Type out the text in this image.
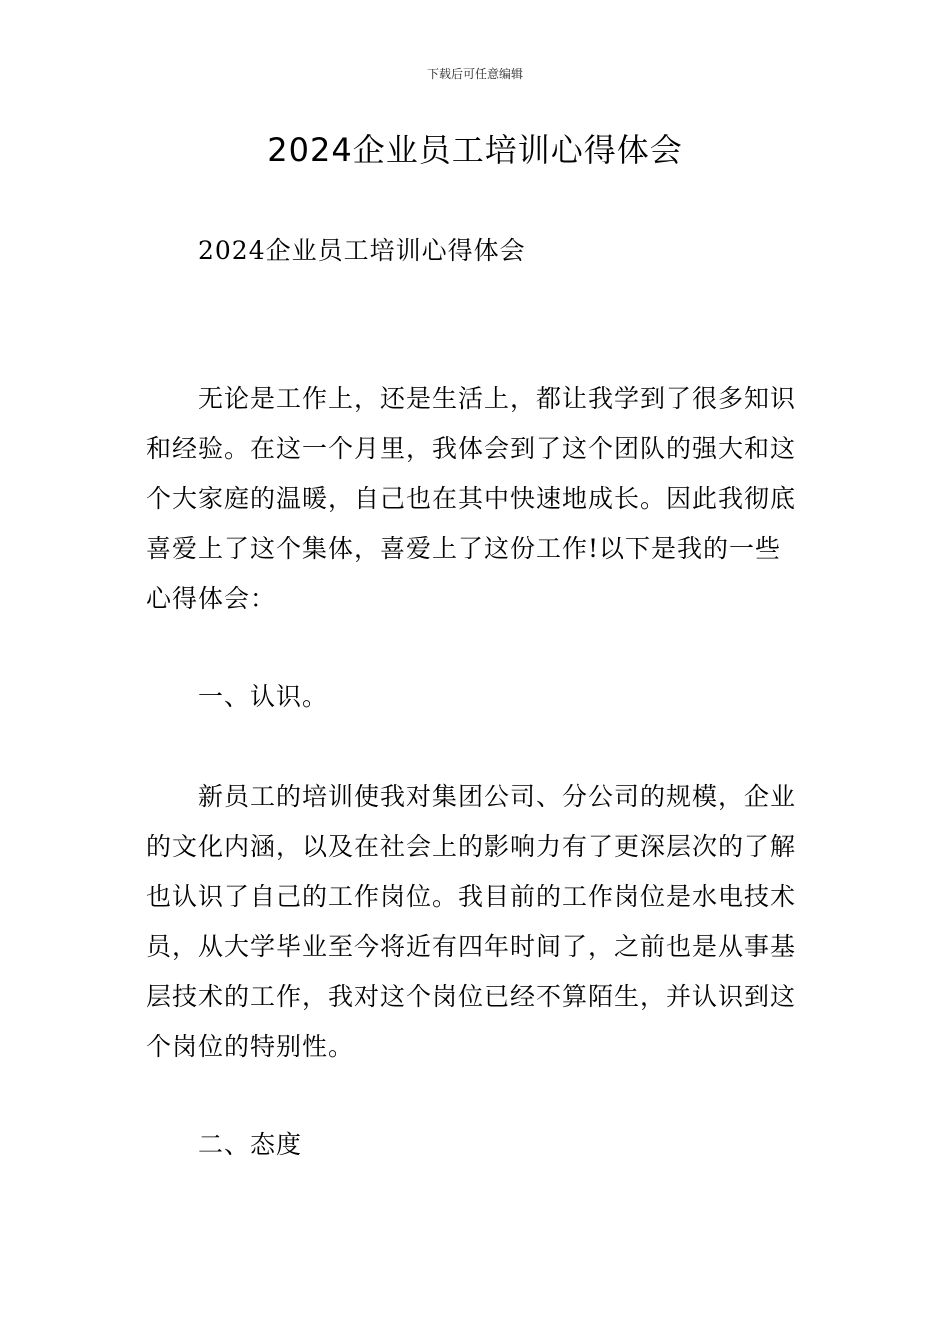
下载后可任意编辑
2024企业员工培训心得体会

2024企业员工培训心得体会

无论是工作上，还是生活上，都让我学到了很多知识和经验。在这一个月里，我体会到了这个团队的强大和这个大家庭的温暖，自己也在其中快速地成长。因此我彻底喜爱上了这个集体，喜爱上了这份工作!以下是我的一些心得体会：

一、认识。

新员工的培训使我对集团公司、分公司的规模，企业的文化内涵，以及在社会上的影响力有了更深层次的了解也认识了自己的工作岗位。我目前的工作岗位是水电技术员，从大学毕业至今将近有四年时间了，之前也是从事基层技术的工作，我对这个岗位已经不算陌生，并认识到这个岗位的特别性。

二、态度
